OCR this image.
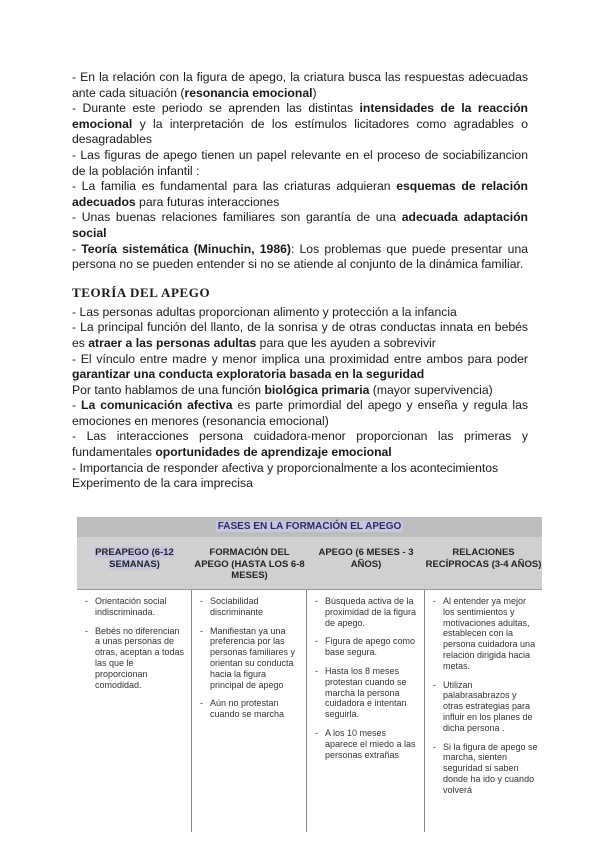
- En la relación con la figura de apego, la criatura busca las respuestas adecuadas ante cada situación (resonancia emocional)

- Durante este periodo se aprenden las distintas intensidades de la reacción emocional y la interpretación de los estímulos licitadores como agradables o desagradables

- Las figuras de apego tienen un papel relevante en el proceso de sociabilizancion de la población infantil :

- La familia es fundamental para las criaturas adquieran esquemas de relación adecuados para futuras interacciones

- Unas buenas relaciones familiares son garantía de una adecuada adaptación social

- Teoría sistemática (Minuchin, 1986): Los problemas que puede presentar una persona no se pueden entender si no se atiende al conjunto de la dinámica familiar.

TEORÍA DEL APEGO

- Las personas adultas proporcionan alimento y protección a la infancia

- La principal función del llanto, de la sonrisa y de otras conductas innata en bebés es atraer a las personas adultas para que les ayuden a sobrevivir

- El vínculo entre madre y menor implica una proximidad entre ambos para poder garantizar una conducta exploratoria basada en la seguridad

Por tanto hablamos de una función biológica primaria (mayor supervivencia)

- La comunicación afectiva es parte primordial del apego y enseña y regula las emociones en menores (resonancia emocional)

- Las interacciones persona cuidadora-menor proporcionan las primeras y fundamentales oportunidades de aprendizaje emocional

- Importancia de responder afectiva y proporcionalmente a los acontecimientos

Experimento de la cara imprecisa

FASES EN LA FORMACIÓN EL APEGO
PREAPEGO (6-12 SEMANAS)
FORMACIÓN DEL APEGO (HASTA LOS 6-8 MESES)
APEGO (6 MESES - 3 AÑOS)
RELACIONES RECÍPROCAS (3-4 AÑOS)
- Orientación social indiscriminada.
- Bebés no diferencian a unas personas de otras, aceptan a todas las que le proporcionan comodidad.
- Sociabilidad discriminante
- Manifiestan ya una preferencia por las personas familiares y orientan su conducta hacia la figura principal de apego
- Aún no protestan cuando se marcha
- Búsqueda activa de la proximidad de la figura de apego.
- Figura de apego como base segura.
- Hasta los 8 meses protestan cuando se marcha la persona cuidadora e intentan seguirla.
- A los 10 meses aparece el miedo a las personas extrañas
- Al entender ya mejor los sentimientos y motivaciones adultas, establecen con la persona cuidadora una relación dirigida hacia metas.
- Utilizan palabrasabrazos y otras estrategias para influir en los planes de dicha persona .
- Si la figura de apego se marcha, sienten seguridad si saben donde ha ido y cuando volverá
